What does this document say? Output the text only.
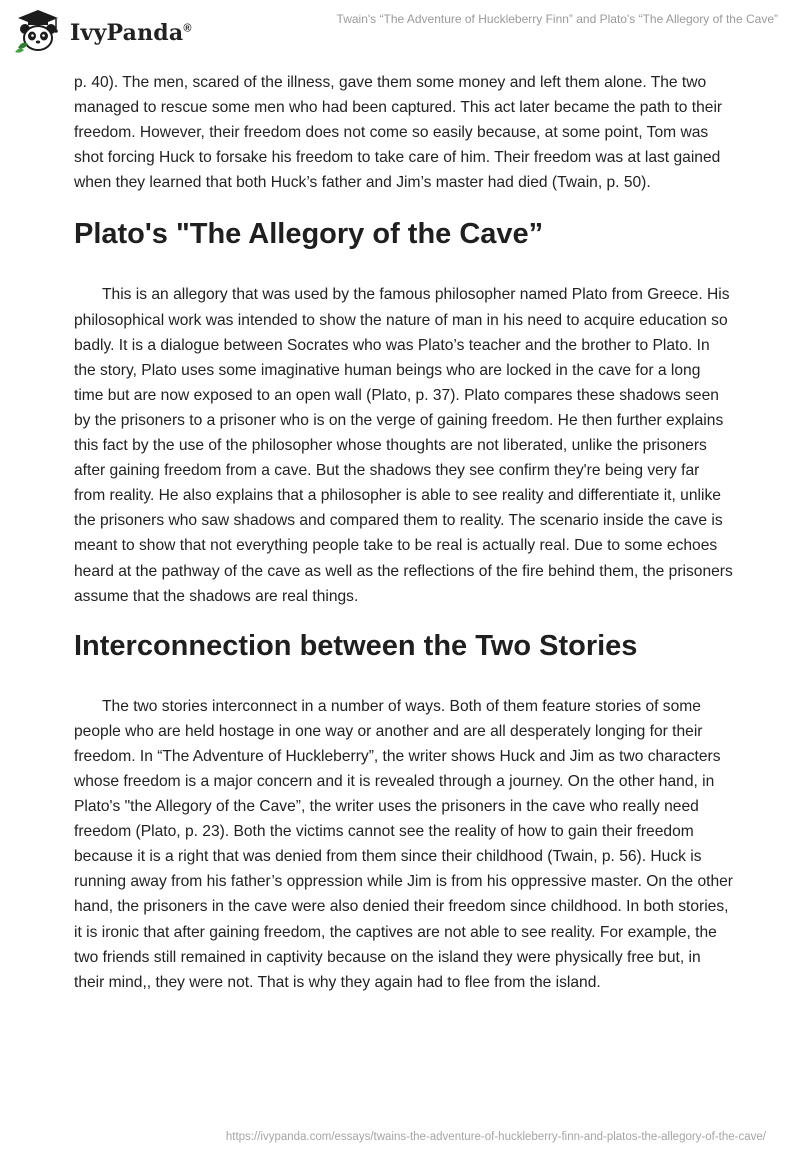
IvyPanda®
Twain's “The Adventure of Huckleberry Finn” and Plato's “The Allegory of the Cave”

p. 40). The men, scared of the illness, gave them some money and left them alone. The two managed to rescue some men who had been captured. This act later became the path to their freedom. However, their freedom does not come so easily because, at some point, Tom was shot forcing Huck to forsake his freedom to take care of him. Their freedom was at last gained when they learned that both Huck’s father and Jim’s master had died (Twain, p. 50).

Plato's "The Allegory of the Cave”

This is an allegory that was used by the famous philosopher named Plato from Greece. His philosophical work was intended to show the nature of man in his need to acquire education so badly. It is a dialogue between Socrates who was Plato’s teacher and the brother to Plato. In the story, Plato uses some imaginative human beings who are locked in the cave for a long time but are now exposed to an open wall (Plato, p. 37). Plato compares these shadows seen by the prisoners to a prisoner who is on the verge of gaining freedom. He then further explains this fact by the use of the philosopher whose thoughts are not liberated, unlike the prisoners after gaining freedom from a cave. But the shadows they see confirm they're being very far from reality. He also explains that a philosopher is able to see reality and differentiate it, unlike the prisoners who saw shadows and compared them to reality. The scenario inside the cave is meant to show that not everything people take to be real is actually real. Due to some echoes heard at the pathway of the cave as well as the reflections of the fire behind them, the prisoners assume that the shadows are real things.

Interconnection between the Two Stories

The two stories interconnect in a number of ways. Both of them feature stories of some people who are held hostage in one way or another and are all desperately longing for their freedom. In “The Adventure of Huckleberry”, the writer shows Huck and Jim as two characters whose freedom is a major concern and it is revealed through a journey. On the other hand, in Plato's "the Allegory of the Cave”, the writer uses the prisoners in the cave who really need freedom (Plato, p. 23). Both the victims cannot see the reality of how to gain their freedom because it is a right that was denied from them since their childhood (Twain, p. 56). Huck is running away from his father’s oppression while Jim is from his oppressive master. On the other hand, the prisoners in the cave were also denied their freedom since childhood. In both stories, it is ironic that after gaining freedom, the captives are not able to see reality. For example, the two friends still remained in captivity because on the island they were physically free but, in their mind,, they were not. That is why they again had to flee from the island.

https://ivypanda.com/essays/twains-the-adventure-of-huckleberry-finn-and-platos-the-allegory-of-the-cave/
